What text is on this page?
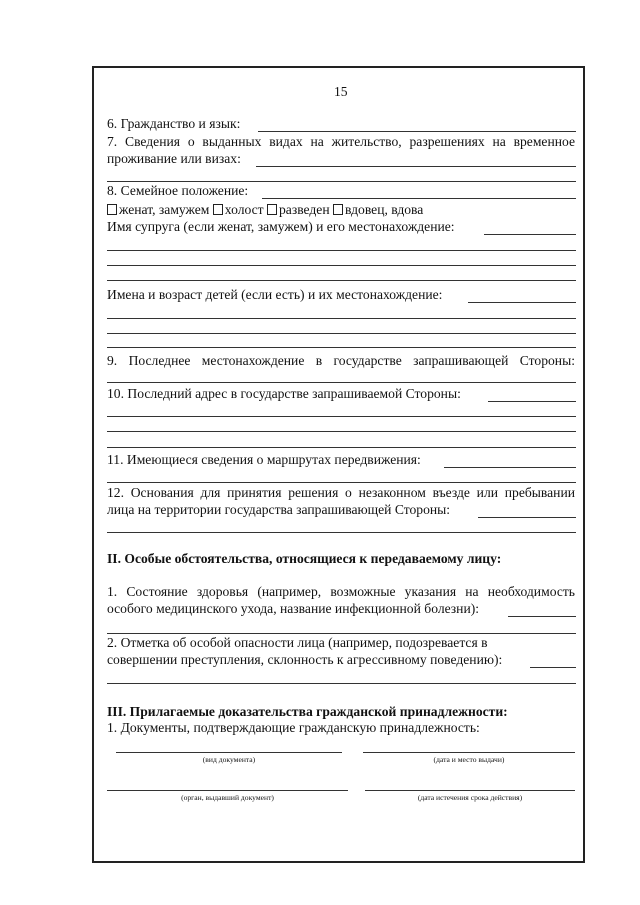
15
6. Гражданство и язык:
7. Сведения о выданных видах на жительство, разрешениях на временное
проживание или визах:
8. Семейное положение:
женат, замужем холост разведен вдовец, вдова
Имя супруга (если женат, замужем) и его местонахождение:
Имена и возраст детей (если есть) и их местонахождение:
9. Последнее местонахождение в государстве запрашивающей Стороны:
10. Последний адрес в государстве запрашиваемой Стороны:
11. Имеющиеся сведения о маршрутах передвижения:
12. Основания для принятия решения о незаконном въезде или пребывании
лица на территории государства запрашивающей Стороны:
II. Особые обстоятельства, относящиеся к передаваемому лицу:
1. Состояние здоровья (например, возможные указания на необходимость
особого медицинского ухода, название инфекционной болезни):
2. Отметка об особой опасности лица (например, подозревается в
совершении преступления, склонность к агрессивному поведению):
III. Прилагаемые доказательства гражданской принадлежности:
1. Документы, подтверждающие гражданскую принадлежность:
(вид документа)	(дата и место выдачи)
(орган, выдавший документ)	(дата истечения срока действия)
